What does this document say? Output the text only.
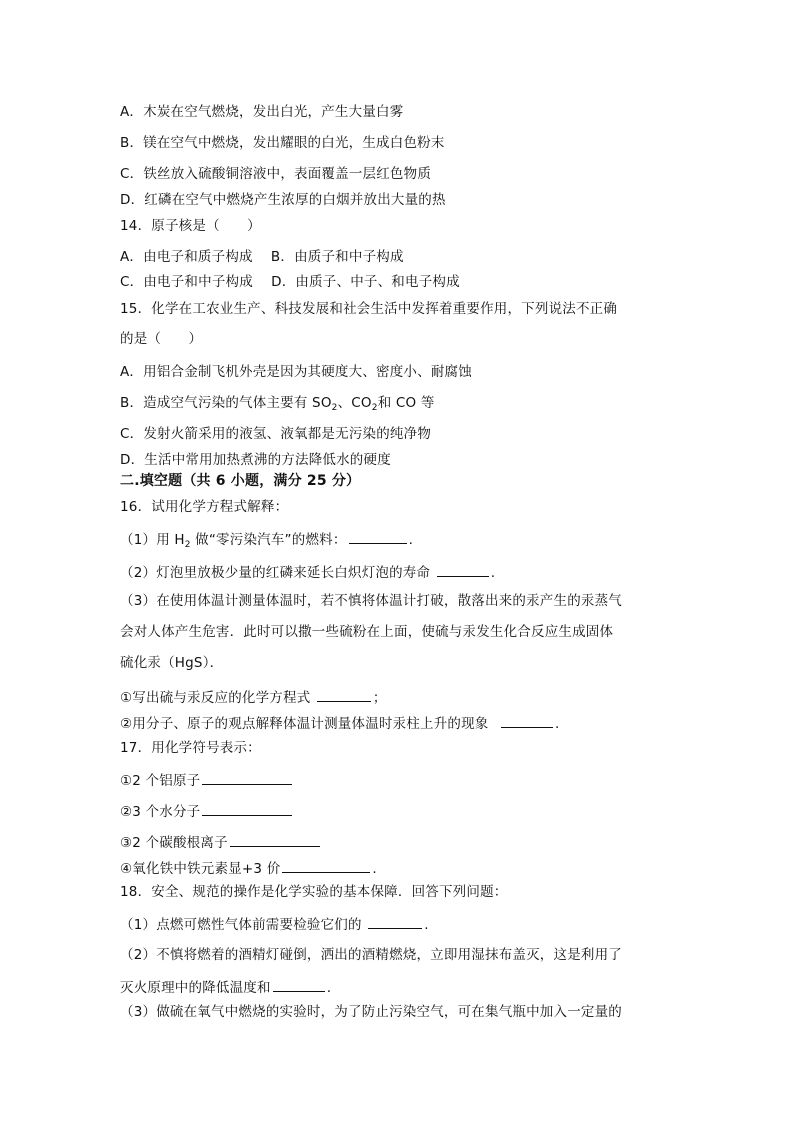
A．木炭在空气燃烧，发出白光，产生大量白雾
B．镁在空气中燃烧，发出耀眼的白光，生成白色粉末
C．铁丝放入硫酸铜溶液中，表面覆盖一层红色物质
D．红磷在空气中燃烧产生浓厚的白烟并放出大量的热
14．原子核是（　　）
A．由电子和质子构成　 B．由质子和中子构成
C．由电子和中子构成　 D．由质子、中子、和电子构成
15．化学在工农业生产、科技发展和社会生活中发挥着重要作用，下列说法不正确
的是（　　）
A．用铝合金制飞机外壳是因为其硬度大、密度小、耐腐蚀
B．造成空气污染的气体主要有 $SO_2$、$CO_2$和 CO 等
C．发射火箭采用的液氢、液氧都是无污染的纯净物
D．生活中常用加热煮沸的方法降低水的硬度
二.填空题（共 6 小题，满分 25 分）
16．试用化学方程式解释：
（1）用 $H_2$ 做“零污染汽车”的燃料：	.
（2）灯泡里放极少量的红磷来延长白炽灯泡的寿命	.
（3）在使用体温计测量体温时，若不慎将体温计打破，散落出来的汞产生的汞蒸气
会对人体产生危害．此时可以撒一些硫粉在上面，使硫与汞发生化合反应生成固体
硫化汞（HgS）．
①写出硫与汞反应的化学方程式	；
②用分子、原子的观点解释体温计测量体温时汞柱上升的现象	.
17．用化学符号表示：
①2 个铝原子
②3 个水分子
③2 个碳酸根离子
④氧化铁中铁元素显+3 价	.
18．安全、规范的操作是化学实验的基本保障．回答下列问题：
（1）点燃可燃性气体前需要检验它们的	.
（2）不慎将燃着的酒精灯碰倒，洒出的酒精燃烧，立即用湿抹布盖灭，这是利用了
灭火原理中的降低温度和	.
（3）做硫在氧气中燃烧的实验时，为了防止污染空气，可在集气瓶中加入一定量的
